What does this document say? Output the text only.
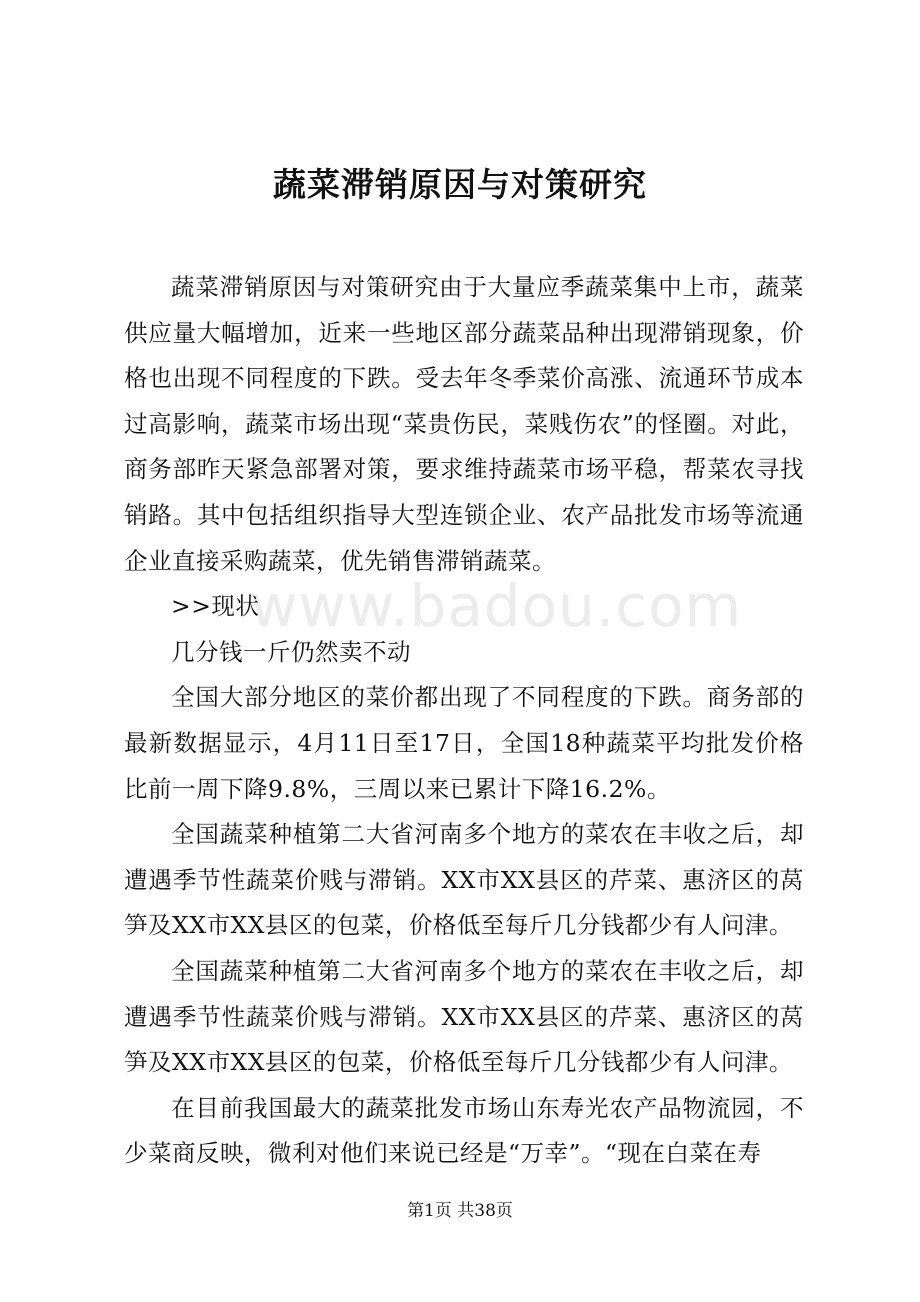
www.badou.com
蔬菜滞销原因与对策研究

蔬菜滞销原因与对策研究由于大量应季蔬菜集中上市，蔬菜供应量大幅增加，近来一些地区部分蔬菜品种出现滞销现象，价格也出现不同程度的下跌。受去年冬季菜价高涨、流通环节成本过高影响，蔬菜市场出现“菜贵伤民，菜贱伤农”的怪圈。对此，商务部昨天紧急部署对策，要求维持蔬菜市场平稳，帮菜农寻找销路。其中包括组织指导大型连锁企业、农产品批发市场等流通企业直接采购蔬菜，优先销售滞销蔬菜。

>>现状

几分钱一斤仍然卖不动

全国大部分地区的菜价都出现了不同程度的下跌。商务部的最新数据显示，4月11日至17日，全国18种蔬菜平均批发价格比前一周下降9.8%，三周以来已累计下降16.2%。

全国蔬菜种植第二大省河南多个地方的菜农在丰收之后，却遭遇季节性蔬菜价贱与滞销。XX市XX县区的芹菜、惠济区的莴笋及XX市XX县区的包菜，价格低至每斤几分钱都少有人问津。

全国蔬菜种植第二大省河南多个地方的菜农在丰收之后，却遭遇季节性蔬菜价贱与滞销。XX市XX县区的芹菜、惠济区的莴笋及XX市XX县区的包菜，价格低至每斤几分钱都少有人问津。

在目前我国最大的蔬菜批发市场山东寿光农产品物流园，不少菜商反映，微利对他们来说已经是“万幸”。“现在白菜在寿

第1页 共38页
